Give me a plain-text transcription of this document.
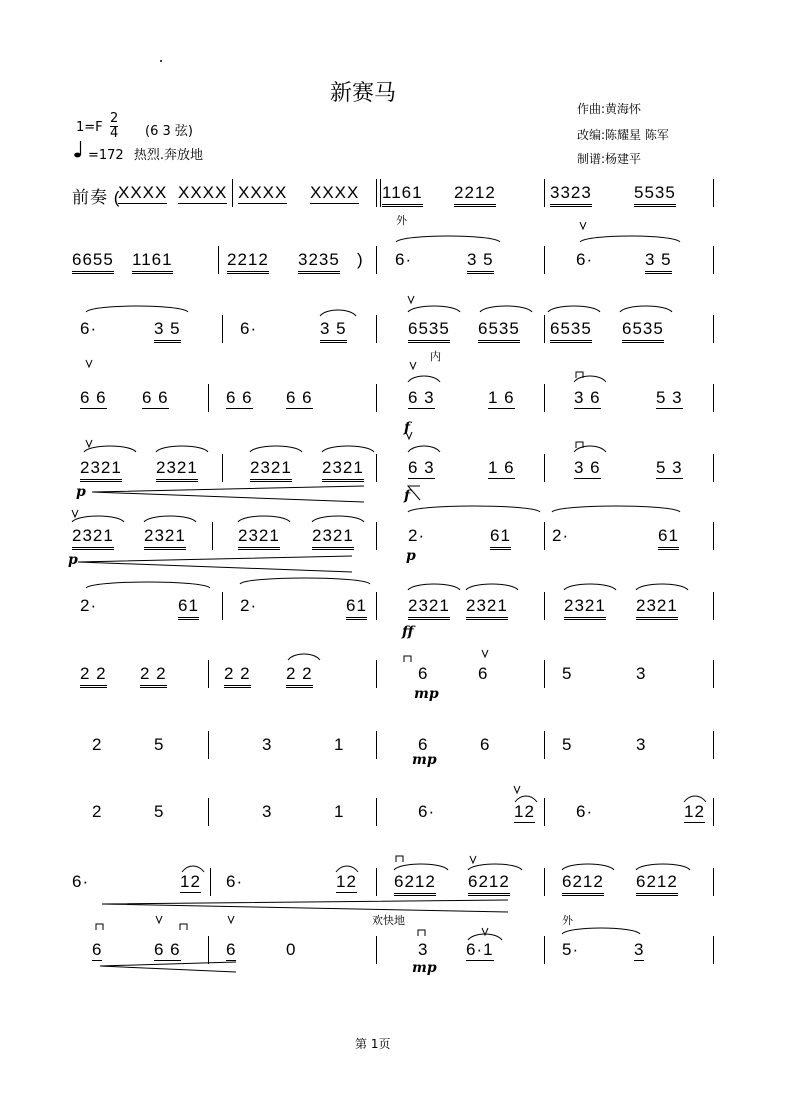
新赛马
作曲:黄海怀
改编:陈耀星 陈军
制谱:杨建平
$1=F \frac{2}{4} (6$ 3 弦)
=172 热烈.奔放地
前奏 (
XXXX XXXX XXXX XXXX 1161 2212	3323 5535
6655 1161	2212 3235 ) 6·	3 5	6·	3 5
6·	3 5	6·	3 5	6535 6535 6535 6535
6 6 6 6	6 6 6 6	6 3	1 6	3 6	5 3
2321 2321	2321 2321	6 3	1 6	3 6	5 3
2321 2321	2321 2321	2·	61 2·	61
2·	61 2·	61 2321 2321	2321 2321
2 2 2 2	2 2 2 2	6	6	5	3
2	5	3	1	6	6	5	3
2	5	3	1	6·	12 6·	12
6·	12 6·	12 6212 6212	6212 6212
6	6 6	6	0	3 6·1	5·	3
外
内
欢快地	外
p
f
f
p
p
ff
mp
mp
mp
第 1页
